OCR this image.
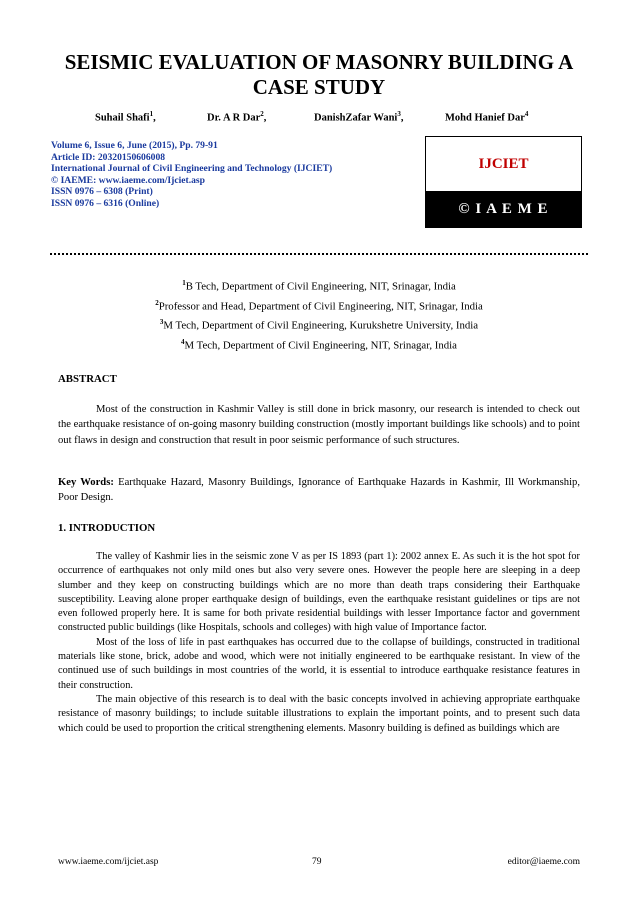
SEISMIC EVALUATION OF MASONRY BUILDING A
CASE STUDY
Suhail Shafi$^1$,	Dr. A R Dar$^2$,	DanishZafar Wani$^3$,	Mohd Hanief Dar$^4$
Volume 6, Issue 6, June (2015), Pp. 79-91
Article ID: 20320150606008
International Journal of Civil Engineering and Technology (IJCIET)
© IAEME: www.iaeme.com/Ijciet.asp
ISSN 0976 – 6308 (Print)
ISSN 0976 – 6316 (Online)
IJCIET
© I A E M E
$^1$B Tech, Department of Civil Engineering, NIT, Srinagar, India
$^2$Professor and Head, Department of Civil Engineering, NIT, Srinagar, India
$^3$M Tech, Department of Civil Engineering, Kurukshetre University, India
$^4$M Tech, Department of Civil Engineering, NIT, Srinagar, India
ABSTRACT

Most of the construction in Kashmir Valley is still done in brick masonry, our research is intended to check out the earthquake resistance of on-going masonry building construction (mostly important buildings like schools) and to point out flaws in design and construction that result in poor seismic performance of such structures.

Key Words: Earthquake Hazard, Masonry Buildings, Ignorance of Earthquake Hazards in Kashmir, Ill Workmanship, Poor Design.
1. INTRODUCTION

The valley of Kashmir lies in the seismic zone V as per IS 1893 (part 1): 2002 annex E. As such it is the hot spot for occurrence of earthquakes not only mild ones but also very severe ones. However the people here are sleeping in a deep slumber and they keep on constructing buildings which are no more than death traps considering their Earthquake susceptibility. Leaving alone proper earthquake design of buildings, even the earthquake resistant guidelines or tips are not even followed properly here. It is same for both private residential buildings with lesser Importance factor and government constructed public buildings (like Hospitals, schools and colleges) with high value of Importance factor.

Most of the loss of life in past earthquakes has occurred due to the collapse of buildings, constructed in traditional materials like stone, brick, adobe and wood, which were not initially engineered to be earthquake resistant. In view of the continued use of such buildings in most countries of the world, it is essential to introduce earthquake resistance features in their construction.

The main objective of this research is to deal with the basic concepts involved in achieving appropriate earthquake resistance of masonry buildings; to include suitable illustrations to explain the important points, and to present such data which could be used to proportion the critical strengthening elements. Masonry building is defined as buildings which are

www.iaeme.com/ijciet.asp	79	editor@iaeme.com
